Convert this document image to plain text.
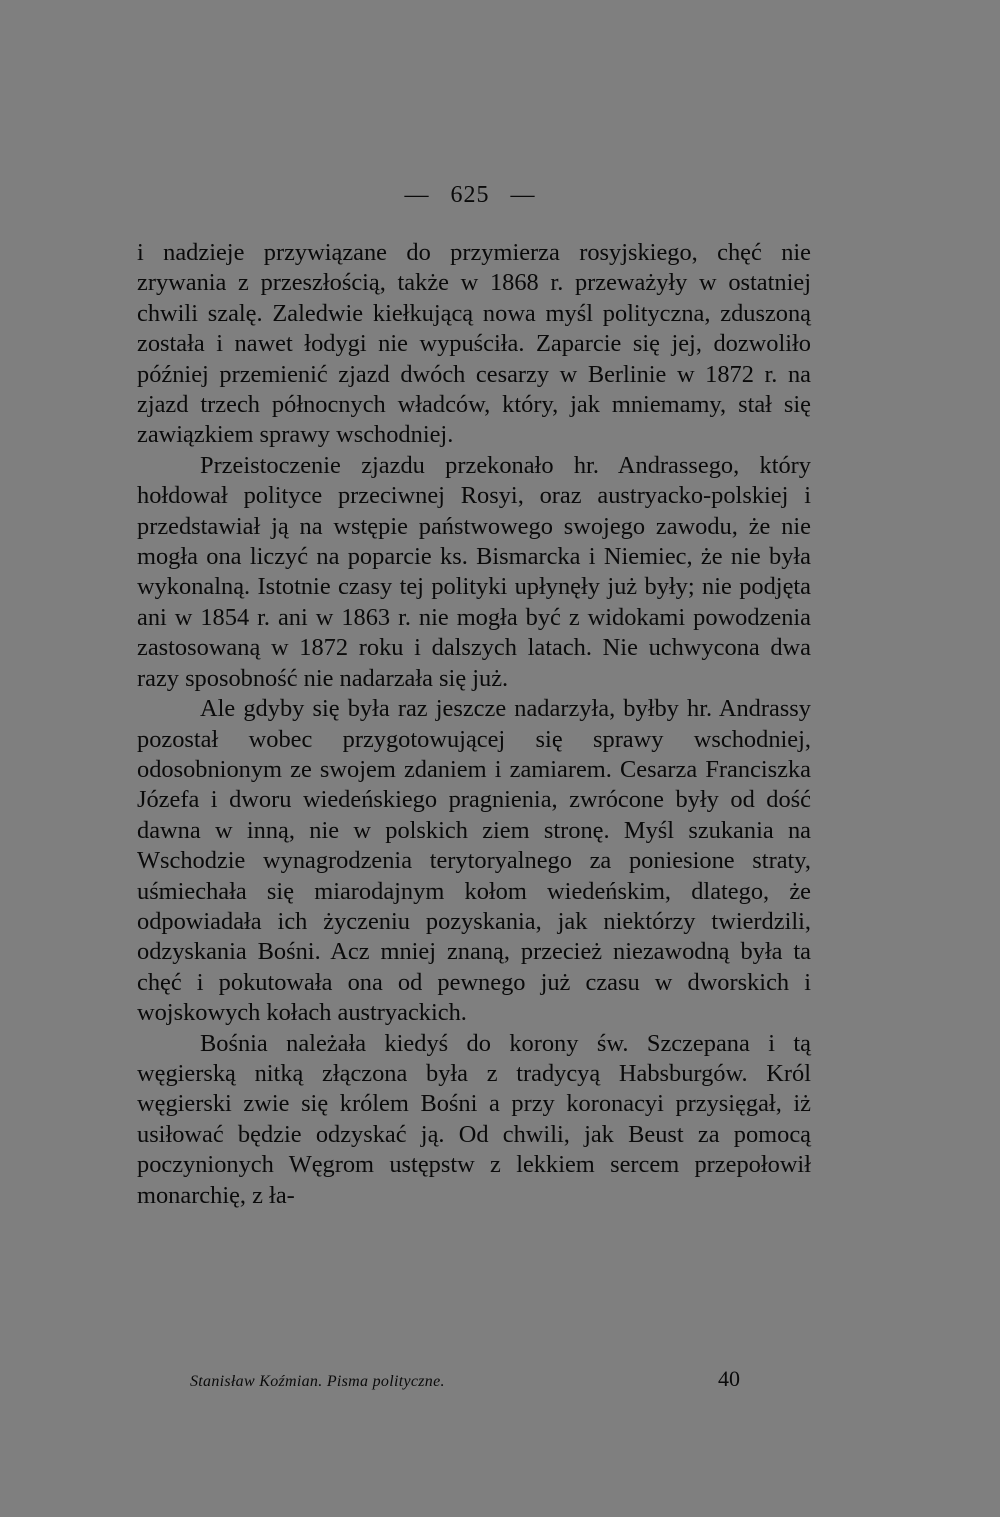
— 625 —

i nadzieje przywiązane do przymierza rosyjskiego, chęć nie zrywania z przeszłością, także w 1868 r. przeważyły w ostatniej chwili szalę. Zaledwie kiełkującą nowa myśl polityczna, zduszoną została i nawet łodygi nie wypuściła. Zaparcie się jej, dozwoliło później przemienić zjazd dwóch cesarzy w Berlinie w 1872 r. na zjazd trzech północnych władców, który, jak mniemamy, stał się zawiązkiem sprawy wschodniej.

Przeistoczenie zjazdu przekonało hr. Andrassego, który hołdował polityce przeciwnej Rosyi, oraz austryacko-polskiej i przedstawiał ją na wstępie państwowego swojego zawodu, że nie mogła ona liczyć na poparcie ks. Bismarcka i Niemiec, że nie była wykonalną. Istotnie czasy tej polityki upłynęły już były; nie podjęta ani w 1854 r. ani w 1863 r. nie mogła być z widokami powodzenia zastosowaną w 1872 roku i dalszych latach. Nie uchwycona dwa razy sposobność nie nadarzała się już.

Ale gdyby się była raz jeszcze nadarzyła, byłby hr. Andrassy pozostał wobec przygotowującej się sprawy wschodniej, odosobnionym ze swojem zdaniem i zamiarem. Cesarza Franciszka Józefa i dworu wiedeńskiego pragnienia, zwrócone były od dość dawna w inną, nie w polskich ziem stronę. Myśl szukania na Wschodzie wynagrodzenia terytoryalnego za poniesione straty, uśmiechała się miarodajnym kołom wiedeńskim, dlatego, że odpowiadała ich życzeniu pozyskania, jak niektórzy twierdzili, odzyskania Bośni. Acz mniej znaną, przecież niezawodną była ta chęć i pokutowała ona od pewnego już czasu w dworskich i wojskowych kołach austryackich.

Bośnia należała kiedyś do korony św. Szczepana i tą węgierską nitką złączona była z tradycyą Habsburgów. Król węgierski zwie się królem Bośni a przy koronacyi przysięgał, iż usiłować będzie odzyskać ją. Od chwili, jak Beust za pomocą poczynionych Węgrom ustępstw z lekkiem sercem przepołowił monarchię, z ła-

Stanisław Koźmian. Pisma polityczne.	40
